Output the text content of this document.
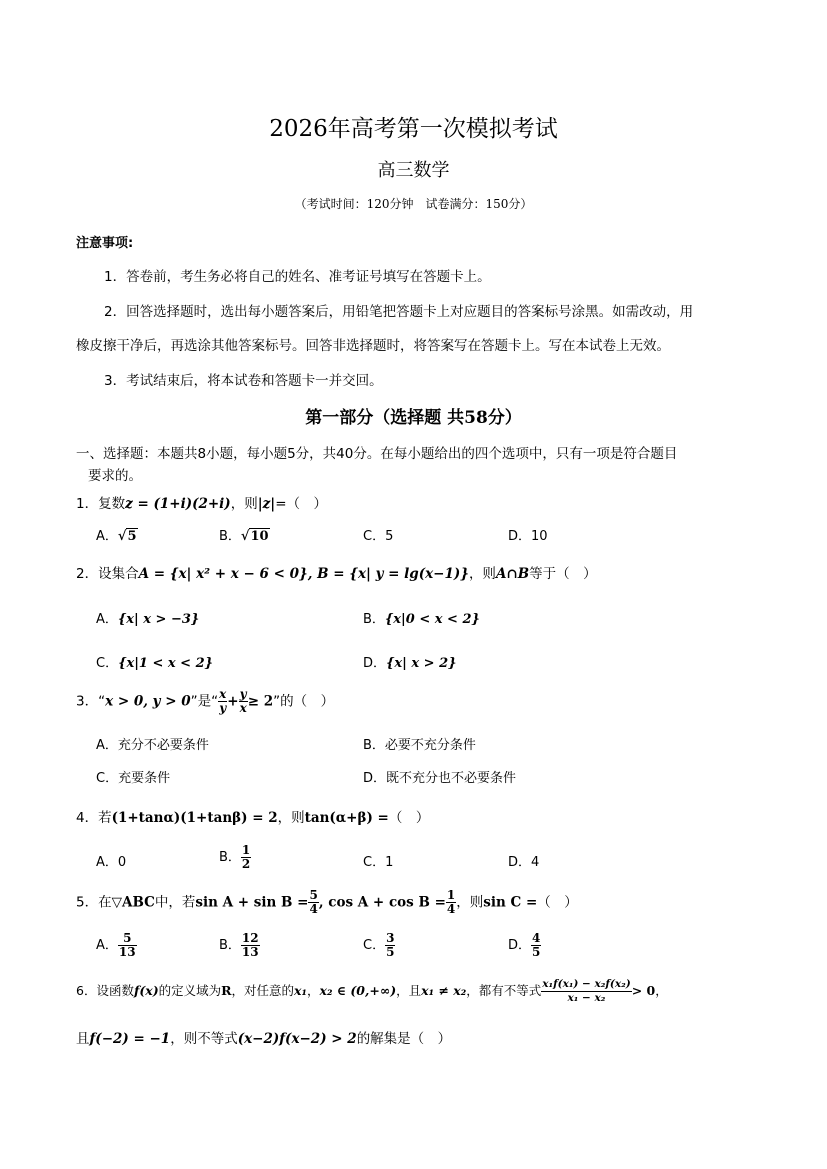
2026年高考第一次模拟考试
高三数学
（考试时间：120分钟　试卷满分：150分）
注意事项:
1．答卷前，考生务必将自己的姓名、准考证号填写在答题卡上。
2．回答选择题时，选出每小题答案后，用铅笔把答题卡上对应题目的答案标号涂黑。如需改动，用
橡皮擦干净后，再选涂其他答案标号。回答非选择题时，将答案写在答题卡上。写在本试卷上无效。
3．考试结束后，将本试卷和答题卡一并交回。
第一部分（选择题 共58分）
一、选择题：本题共8小题，每小题5分，共40分。在每小题给出的四个选项中，只有一项是符合题目
要求的。
1．复数z = (1+i)(2+i)，则|z|=（　）
A．√5	B．√10	C．5	D．10
2．设集合A = {x| x² + x − 6 < 0}, B = {x| y = lg(x−1)}，则A∩B等于（　）
A．{x| x > −3}	B．{x|0 < x < 2}
C．{x|1 < x < 2}	D．{x| x > 2}
3．“x > 0, y > 0”是“ $\frac{x}{y} + \frac{y}{x} \ge 2$”的（　）
A．充分不必要条件	B．必要不充分条件
C．充要条件	D．既不充分也不必要条件
4．若(1+tanα)(1+tanβ) = 2，则tan(α+β) =（　）
A．0	B． $\frac{1}{2}$	C．1	D．4
5．在▽ABC中，若$\sin A + \sin B = \frac{5}{4}$ , $\cos A + \cos B = \frac{1}{4}$ ，则sin C =（　）
A． $\frac{5}{13}$	B． $\frac{12}{13}$	C． $\frac{3}{5}$	D． $\frac{4}{5}$
6．设函数f(x)的定义域为R，对任意的x₁，x₂ ∈ (0,+∞)，且x₁ ≠ x₂，都有不等式 $\frac{\text{x₁f(x₁) − x₂f(x₂)}}{\text{x₁ − x₂}} > 0$，
且f(−2) = −1，则不等式(x−2)f(x−2) > 2的解集是（　）
